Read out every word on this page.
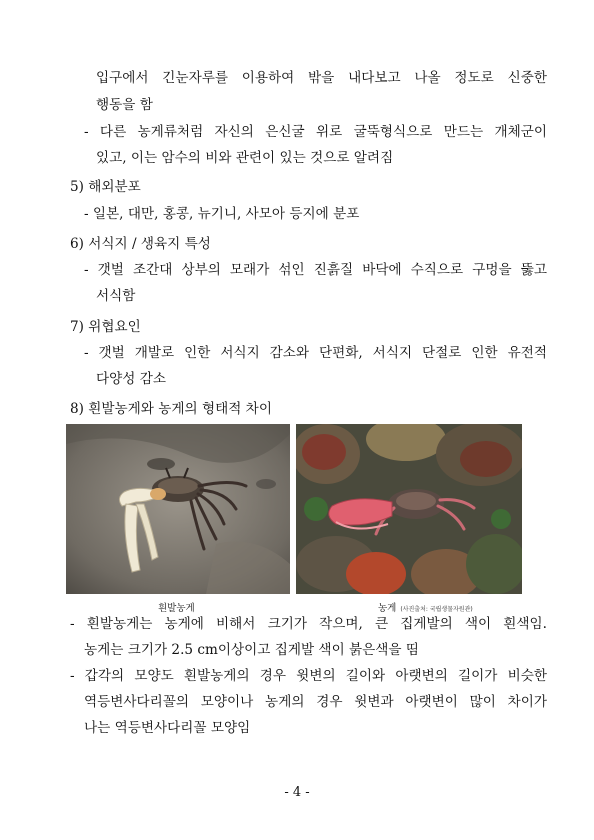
입구에서 긴눈자루를 이용하여 밖을 내다보고 나올 정도로 신중한
행동을 함
- 다른 농게류처럼 자신의 은신굴 위로 굴뚝형식으로 만드는 개체군이
있고, 이는 암수의 비와 관련이 있는 것으로 알려짐
5) 해외분포
- 일본, 대만, 홍콩, 뉴기니, 사모아 등지에 분포
6) 서식지 / 생육지 특성
- 갯벌 조간대 상부의 모래가 섞인 진흙질 바닥에 수직으로 구멍을 뚫고
서식함
7) 위협요인
- 갯벌 개발로 인한 서식지 감소와 단편화, 서식지 단절로 인한 유전적
다양성 감소
8) 흰발농게와 농게의 형태적 차이
흰발농게	농게 (사진출처: 국립생물자원관)
- 흰발농게는 농게에 비해서 크기가 작으며, 큰 집게발의 색이 흰색임.
농게는 크기가 2.5 cm이상이고 집게발 색이 붉은색을 띰
- 갑각의 모양도 흰발농게의 경우 윗변의 길이와 아랫변의 길이가 비슷한
역등변사다리꼴의 모양이나 농게의 경우 윗변과 아랫변이 많이 차이가
나는 역등변사다리꼴 모양임
- 4 -
